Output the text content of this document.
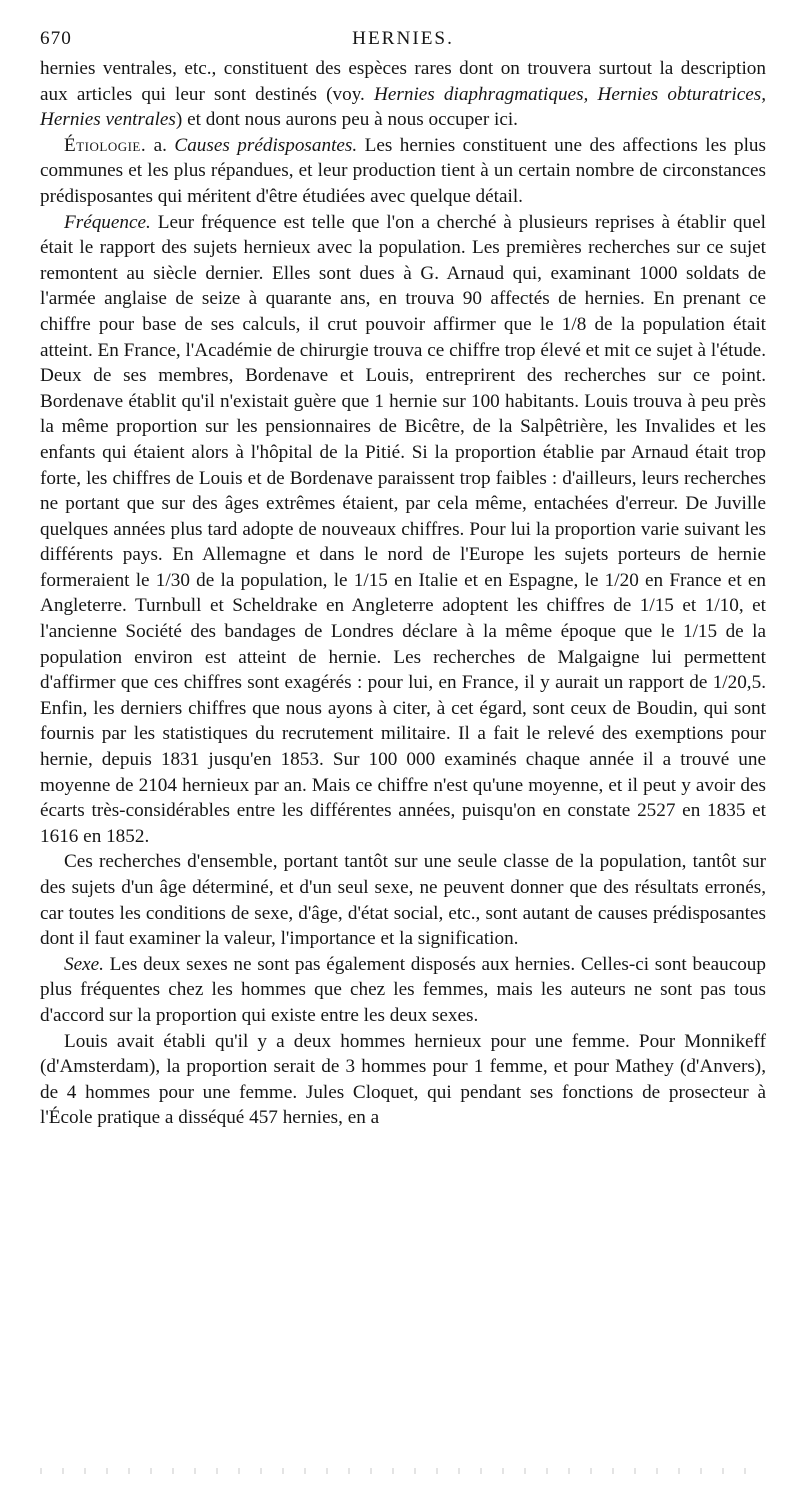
670	HERNIES.

hernies ventrales, etc., constituent des espèces rares dont on trouvera surtout la description aux articles qui leur sont destinés (voy. Hernies diaphragmatiques, Hernies obturatrices, Hernies ventrales) et dont nous aurons peu à nous occuper ici.

Étiologie. a. Causes prédisposantes. Les hernies constituent une des affections les plus communes et les plus répandues, et leur production tient à un certain nombre de circonstances prédisposantes qui méritent d'être étudiées avec quelque détail.

Fréquence. Leur fréquence est telle que l'on a cherché à plusieurs reprises à établir quel était le rapport des sujets hernieux avec la population. Les premières recherches sur ce sujet remontent au siècle dernier. Elles sont dues à G. Arnaud qui, examinant 1000 soldats de l'armée anglaise de seize à quarante ans, en trouva 90 affectés de hernies. En prenant ce chiffre pour base de ses calculs, il crut pouvoir affirmer que le 1/8 de la population était atteint. En France, l'Académie de chirurgie trouva ce chiffre trop élevé et mit ce sujet à l'étude. Deux de ses membres, Bordenave et Louis, entreprirent des recherches sur ce point. Bordenave établit qu'il n'existait guère que 1 hernie sur 100 habitants. Louis trouva à peu près la même proportion sur les pensionnaires de Bicêtre, de la Salpêtrière, les Invalides et les enfants qui étaient alors à l'hôpital de la Pitié. Si la proportion établie par Arnaud était trop forte, les chiffres de Louis et de Bordenave paraissent trop faibles : d'ailleurs, leurs recherches ne portant que sur des âges extrêmes étaient, par cela même, entachées d'erreur. De Juville quelques années plus tard adopte de nouveaux chiffres. Pour lui la proportion varie suivant les différents pays. En Allemagne et dans le nord de l'Europe les sujets porteurs de hernie formeraient le 1/30 de la population, le 1/15 en Italie et en Espagne, le 1/20 en France et en Angleterre. Turnbull et Scheldrake en Angleterre adoptent les chiffres de 1/15 et 1/10, et l'ancienne Société des bandages de Londres déclare à la même époque que le 1/15 de la population environ est atteint de hernie. Les recherches de Malgaigne lui permettent d'affirmer que ces chiffres sont exagérés : pour lui, en France, il y aurait un rapport de 1/20,5. Enfin, les derniers chiffres que nous ayons à citer, à cet égard, sont ceux de Boudin, qui sont fournis par les statistiques du recrutement militaire. Il a fait le relevé des exemptions pour hernie, depuis 1831 jusqu'en 1853. Sur 100 000 examinés chaque année il a trouvé une moyenne de 2104 hernieux par an. Mais ce chiffre n'est qu'une moyenne, et il peut y avoir des écarts très-considérables entre les différentes années, puisqu'on en constate 2527 en 1835 et 1616 en 1852.

Ces recherches d'ensemble, portant tantôt sur une seule classe de la population, tantôt sur des sujets d'un âge déterminé, et d'un seul sexe, ne peuvent donner que des résultats erronés, car toutes les conditions de sexe, d'âge, d'état social, etc., sont autant de causes prédisposantes dont il faut examiner la valeur, l'importance et la signification.

Sexe. Les deux sexes ne sont pas également disposés aux hernies. Celles-ci sont beaucoup plus fréquentes chez les hommes que chez les femmes, mais les auteurs ne sont pas tous d'accord sur la proportion qui existe entre les deux sexes.

Louis avait établi qu'il y a deux hommes hernieux pour une femme. Pour Monnikeff (d'Amsterdam), la proportion serait de 3 hommes pour 1 femme, et pour Mathey (d'Anvers), de 4 hommes pour une femme. Jules Cloquet, qui pendant ses fonctions de prosecteur à l'École pratique a disséqué 457 hernies, en a
